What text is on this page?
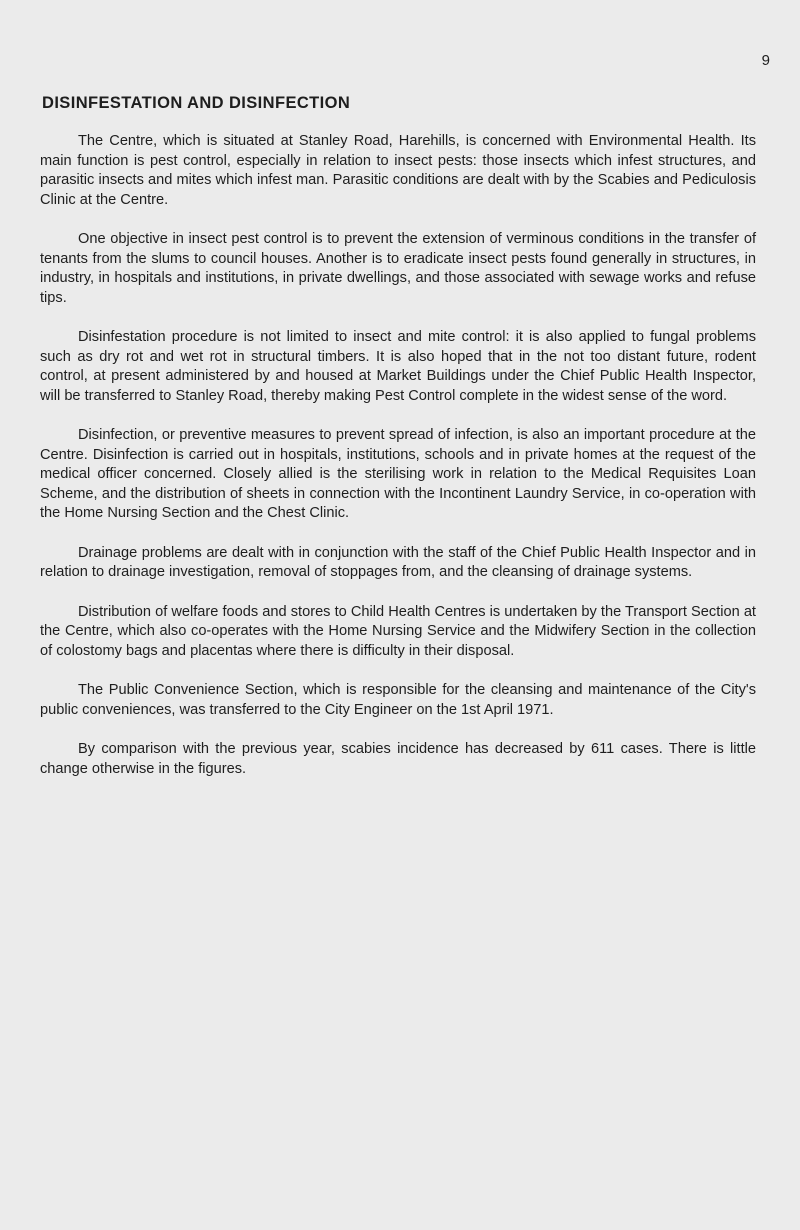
9
DISINFESTATION AND DISINFECTION

The Centre, which is situated at Stanley Road, Harehills, is concerned with Environmental Health. Its main function is pest control, especially in relation to insect pests: those insects which infest structures, and parasitic insects and mites which infest man. Parasitic conditions are dealt with by the Scabies and Pediculosis Clinic at the Centre.

One objective in insect pest control is to prevent the extension of verminous conditions in the transfer of tenants from the slums to council houses. Another is to eradicate insect pests found generally in structures, in industry, in hospitals and institutions, in private dwellings, and those associated with sewage works and refuse tips.

Disinfestation procedure is not limited to insect and mite control: it is also applied to fungal problems such as dry rot and wet rot in structural timbers. It is also hoped that in the not too distant future, rodent control, at present administered by and housed at Market Buildings under the Chief Public Health Inspector, will be transferred to Stanley Road, thereby making Pest Control complete in the widest sense of the word.

Disinfection, or preventive measures to prevent spread of infection, is also an important procedure at the Centre. Disinfection is carried out in hospitals, institutions, schools and in private homes at the request of the medical officer concerned. Closely allied is the sterilising work in relation to the Medical Requisites Loan Scheme, and the distribution of sheets in connection with the Incontinent Laundry Service, in co-operation with the Home Nursing Section and the Chest Clinic.

Drainage problems are dealt with in conjunction with the staff of the Chief Public Health Inspector and in relation to drainage investigation, removal of stoppages from, and the cleansing of drainage systems.

Distribution of welfare foods and stores to Child Health Centres is undertaken by the Transport Section at the Centre, which also co-operates with the Home Nursing Service and the Midwifery Section in the collection of colostomy bags and placentas where there is difficulty in their disposal.

The Public Convenience Section, which is responsible for the cleansing and maintenance of the City's public conveniences, was transferred to the City Engineer on the 1st April 1971.

By comparison with the previous year, scabies incidence has decreased by 611 cases. There is little change otherwise in the figures.
